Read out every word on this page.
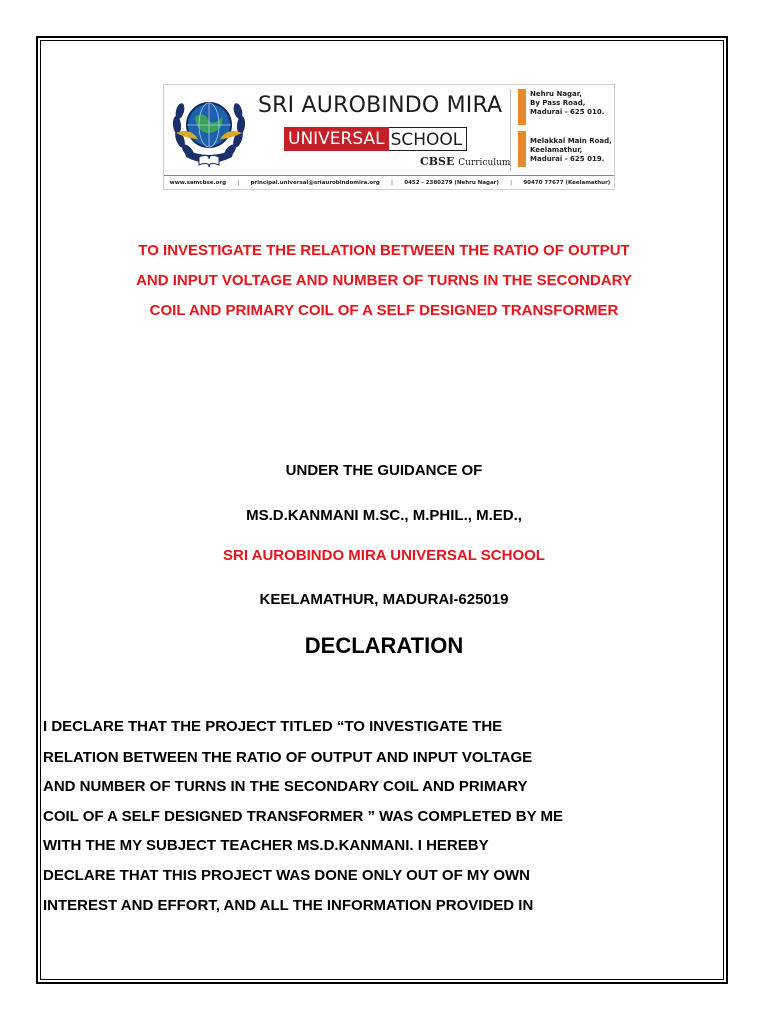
SRI AUROBINDO MIRA
UNIVERSAL SCHOOL
CBSE Curriculum
Nehru Nagar,
By Pass Road,
Madurai - 625 010.
Melakkal Main Road,
Keelamathur,
Madurai - 625 019.
www.samcbse.org | principal.universal@sriaurobindomira.org | 0452 - 2380279 (Nehru Nagar) | 90470 77677 (Keelamathur)
TO INVESTIGATE THE RELATION BETWEEN THE RATIO OF OUTPUT
AND INPUT VOLTAGE AND NUMBER OF TURNS IN THE SECONDARY
COIL AND PRIMARY COIL OF A SELF DESIGNED TRANSFORMER
UNDER THE GUIDANCE OF
MS.D.KANMANI M.SC., M.PHIL., M.ED.,
SRI AUROBINDO MIRA UNIVERSAL SCHOOL
KEELAMATHUR, MADURAI-625019
DECLARATION
I DECLARE THAT THE PROJECT TITLED “TO INVESTIGATE THE
RELATION BETWEEN THE RATIO OF OUTPUT AND INPUT VOLTAGE
AND NUMBER OF TURNS IN THE SECONDARY COIL AND PRIMARY
COIL OF A SELF DESIGNED TRANSFORMER ” WAS COMPLETED BY ME
WITH THE MY SUBJECT TEACHER MS.D.KANMANI. I HEREBY
DECLARE THAT THIS PROJECT WAS DONE ONLY OUT OF MY OWN
INTEREST AND EFFORT, AND ALL THE INFORMATION PROVIDED IN
